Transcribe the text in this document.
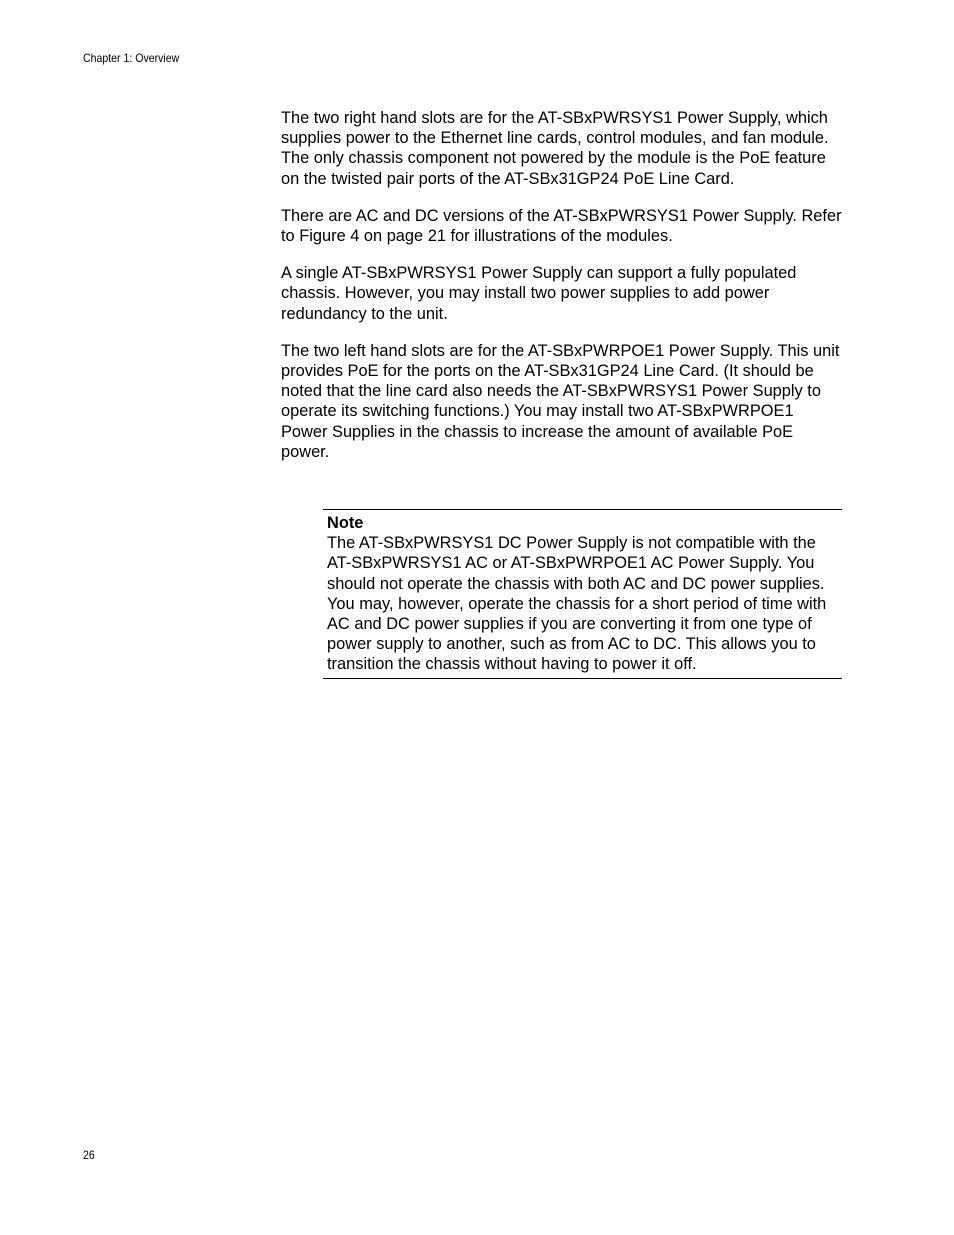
Chapter 1: Overview

The two right hand slots are for the AT-SBxPWRSYS1 Power Supply, which supplies power to the Ethernet line cards, control modules, and fan module. The only chassis component not powered by the module is the PoE feature on the twisted pair ports of the AT-SBx31GP24 PoE Line Card.

There are AC and DC versions of the AT-SBxPWRSYS1 Power Supply. Refer to Figure 4 on page 21 for illustrations of the modules.

A single AT-SBxPWRSYS1 Power Supply can support a fully populated chassis. However, you may install two power supplies to add power redundancy to the unit.

The two left hand slots are for the AT-SBxPWRPOE1 Power Supply. This unit provides PoE for the ports on the AT-SBx31GP24 Line Card. (It should be noted that the line card also needs the AT-SBxPWRSYS1 Power Supply to operate its switching functions.) You may install two AT-SBxPWRPOE1 Power Supplies in the chassis to increase the amount of available PoE power.

Note

The AT-SBxPWRSYS1 DC Power Supply is not compatible with the AT-SBxPWRSYS1 AC or AT-SBxPWRPOE1 AC Power Supply. You should not operate the chassis with both AC and DC power supplies. You may, however, operate the chassis for a short period of time with AC and DC power supplies if you are converting it from one type of power supply to another, such as from AC to DC. This allows you to transition the chassis without having to power it off.

26
